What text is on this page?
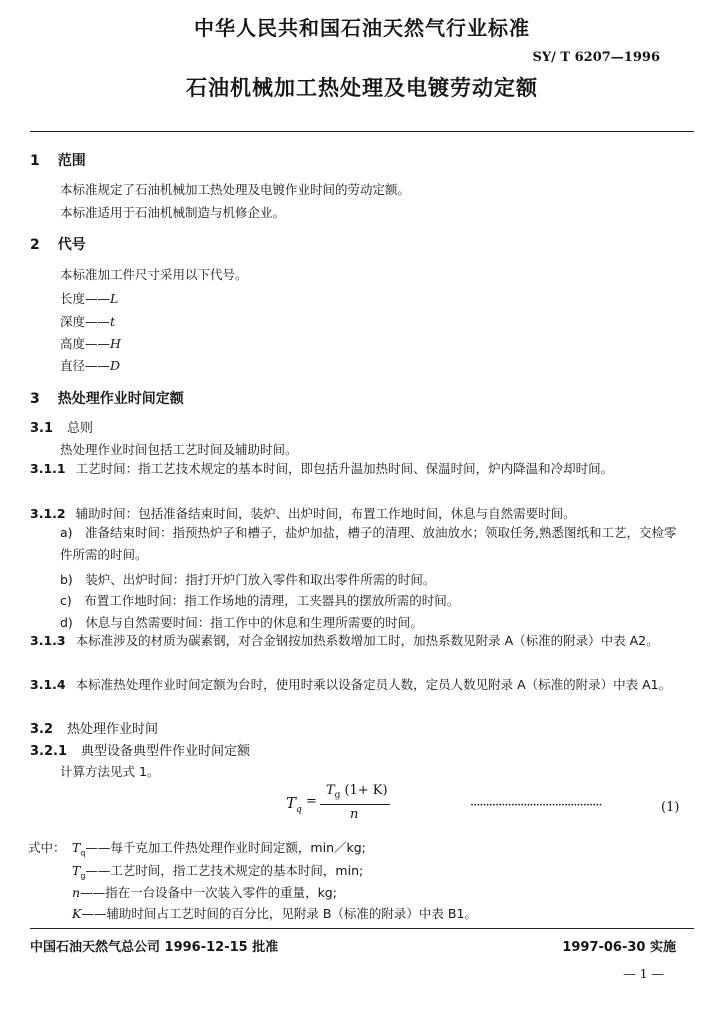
中华人民共和国石油天然气行业标准
SY/ T 6207—1996
石油机械加工热处理及电镀劳动定额
1 范围
本标准规定了石油机械加工热处理及电镀作业时间的劳动定额。
本标准适用于石油机械制造与机修企业。
2 代号
本标准加工件尺寸采用以下代号。
长度——L
深度——t
高度——H
直径——D
3 热处理作业时间定额
3.1 总则
热处理作业时间包括工艺时间及辅助时间。
3.1.1 工艺时间：指工艺技术规定的基本时间，即包括升温加热时间、保温时间，炉内降温和冷却时间。
3.1.2 辅助时间：包括准备结束时间，装炉、出炉时间，布置工作地时间，休息与自然需要时间。
a)　准备结束时间：指预热炉子和槽子，盐炉加盐，槽子的清理、放油放水；领取任务,熟悉图纸和工艺，交检零件所需的时间。
b)　装炉、出炉时间：指打开炉门放入零件和取出零件所需的时间。
c)　布置工作地时间：指工作场地的清理，工夹器具的摆放所需的时间。
d)　休息与自然需要时间：指工作中的休息和生理所需要的时间。
3.1.3 本标准涉及的材质为碳素钢，对合金钢按加热系数增加工时，加热系数见附录 A（标准的附录）中表 A2。
3.1.4 本标准热处理作业时间定额为台时，使用时乘以设备定员人数，定员人数见附录 A（标准的附录）中表 A1。
3.2 热处理作业时间
3.2.1 典型设备典型件作业时间定额
计算方法见式 1。
$T_q$
=
$T_g$ (1+ K)
n
··········································	(1)
式中： $T_q——$每千克加工件热处理作业时间定额，min／kg;
$T_g——$工艺时间，指工艺技术规定的基本时间，min;
n——指在一台设备中一次装入零件的重量，kg;
K——辅助时间占工艺时间的百分比，见附录 B（标准的附录）中表 B1。
中国石油天然气总公司 1996-12-15 批准	1997-06-30 实施
— 1 —
